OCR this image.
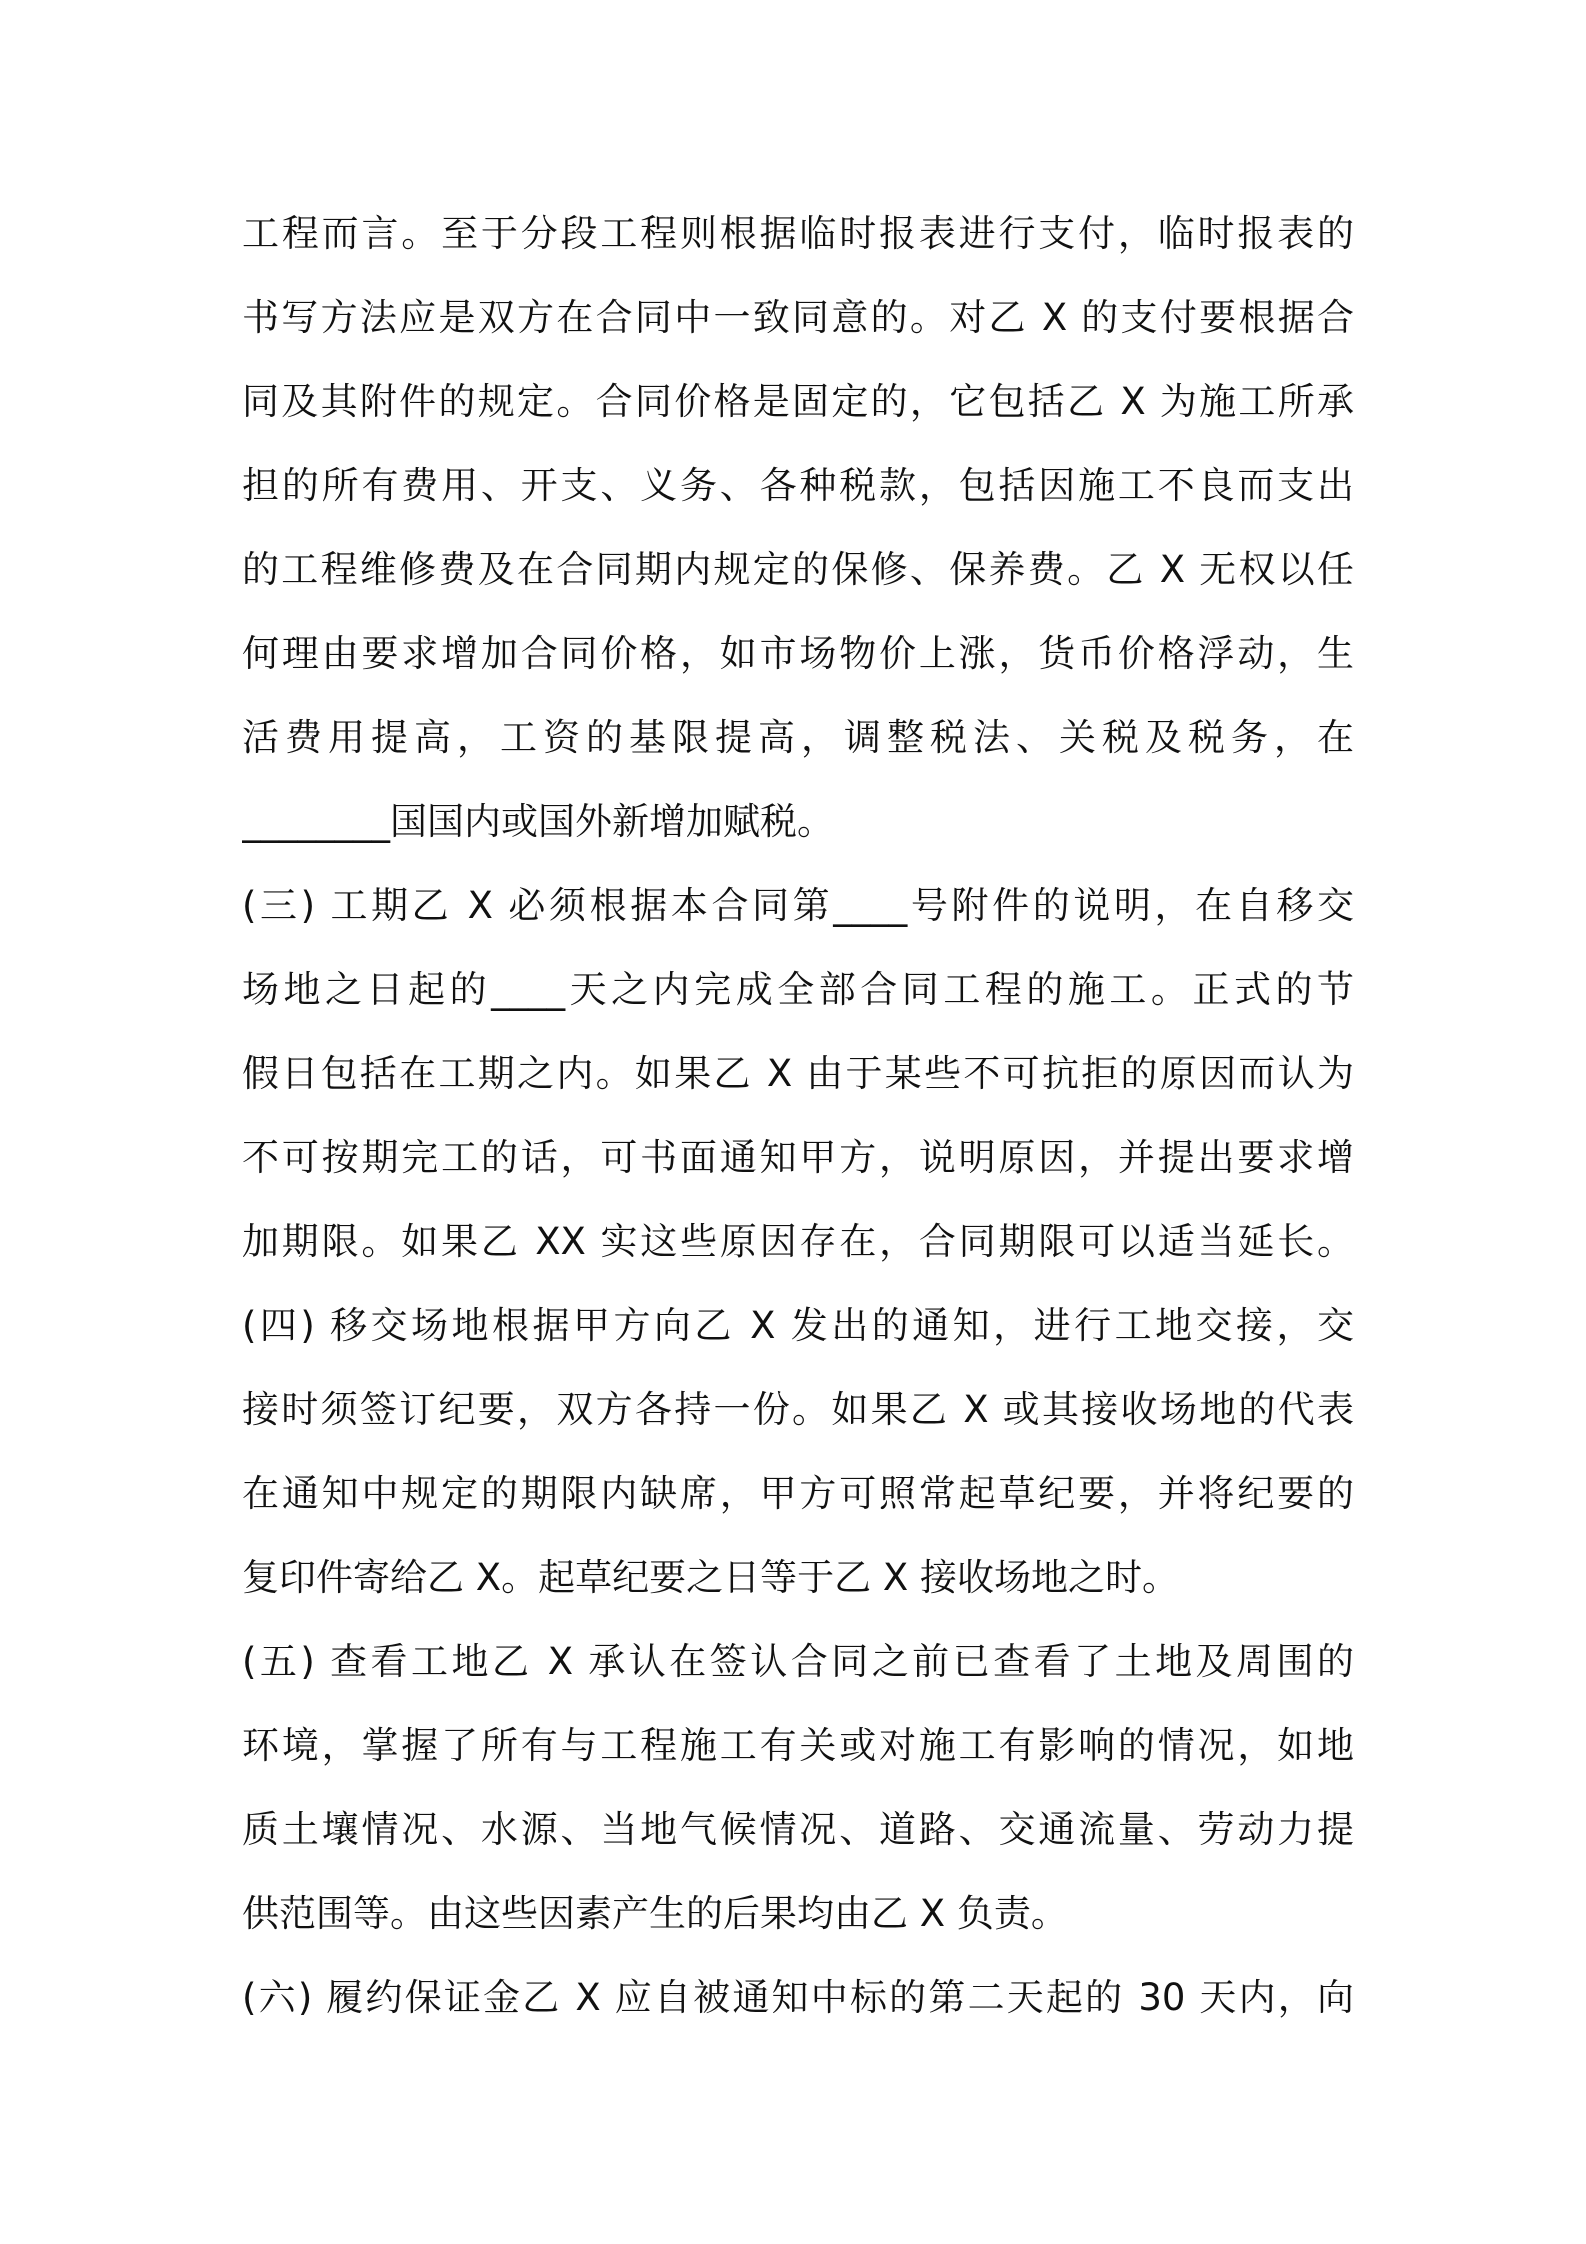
工程而言。至于分段工程则根据临时报表进行支付，临时报表的
书写方法应是双方在合同中一致同意的。对乙 X 的支付要根据合
同及其附件的规定。合同价格是固定的，它包括乙 X 为施工所承
担的所有费用、开支、义务、各种税款，包括因施工不良而支出
的工程维修费及在合同期内规定的保修、保养费。乙 X 无权以任
何理由要求增加合同价格，如市场物价上涨，货币价格浮动，生
活费用提高，工资的基限提高，调整税法、关税及税务，在
________国国内或国外新增加赋税。
(三) 工期乙 X 必须根据本合同第____号附件的说明，在自移交
场地之日起的____天之内完成全部合同工程的施工。正式的节
假日包括在工期之内。如果乙 X 由于某些不可抗拒的原因而认为
不可按期完工的话，可书面通知甲方，说明原因，并提出要求增
加期限。如果乙 XX 实这些原因存在，合同期限可以适当延长。
(四) 移交场地根据甲方向乙 X 发出的通知，进行工地交接，交
接时须签订纪要，双方各持一份。如果乙 X 或其接收场地的代表
在通知中规定的期限内缺席，甲方可照常起草纪要，并将纪要的
复印件寄给乙 X。起草纪要之日等于乙 X 接收场地之时。
(五) 查看工地乙 X 承认在签认合同之前已查看了土地及周围的
环境，掌握了所有与工程施工有关或对施工有影响的情况，如地
质土壤情况、水源、当地气候情况、道路、交通流量、劳动力提
供范围等。由这些因素产生的后果均由乙 X 负责。
(六) 履约保证金乙 X 应自被通知中标的第二天起的 30 天内，向
